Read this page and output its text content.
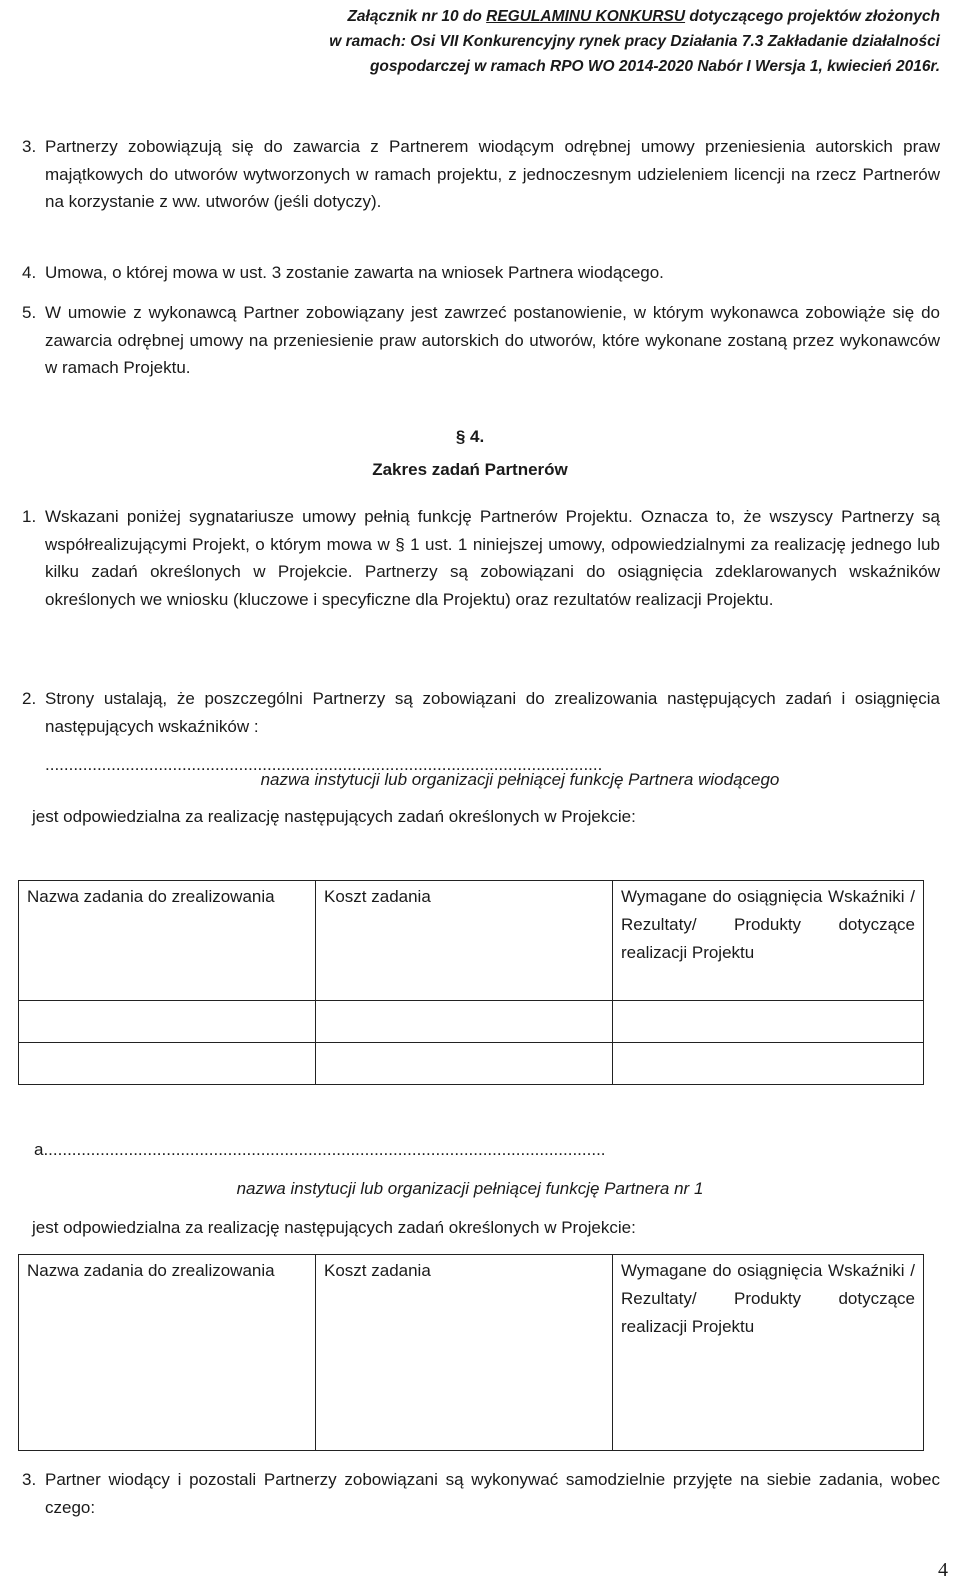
Załącznik nr 10 do REGULAMINU KONKURSU dotyczącego projektów złożonych
w ramach: Osi VII Konkurencyjny rynek pracy Działania 7.3 Zakładanie działalności
gospodarczej w ramach RPO WO 2014-2020 Nabór I Wersja 1, kwiecień 2016r.
3. Partnerzy zobowiązują się do zawarcia z Partnerem wiodącym odrębnej umowy przeniesienia autorskich praw majątkowych do utworów wytworzonych w ramach projektu, z jednoczesnym udzieleniem licencji na rzecz Partnerów na korzystanie z ww. utworów (jeśli dotyczy).
4. Umowa, o której mowa w ust. 3 zostanie zawarta na wniosek Partnera wiodącego.
5. W umowie z wykonawcą Partner zobowiązany jest zawrzeć postanowienie, w którym wykonawca zobowiąże się do zawarcia odrębnej umowy na przeniesienie praw autorskich do utworów, które wykonane zostaną przez wykonawców w ramach Projektu.
§ 4.
Zakres zadań Partnerów
1. Wskazani poniżej sygnatariusze umowy pełnią funkcję Partnerów Projektu. Oznacza to, że wszyscy Partnerzy są współrealizującymi Projekt, o którym mowa w § 1 ust. 1 niniejszej umowy, odpowiedzialnymi za realizację jednego lub kilku zadań określonych w Projekcie. Partnerzy są zobowiązani do osiągnięcia zdeklarowanych wskaźników określonych we wniosku (kluczowe i specyficzne dla Projektu) oraz rezultatów realizacji Projektu.
2. Strony ustalają, że poszczególni Partnerzy są zobowiązani do zrealizowania następujących zadań i osiągnięcia następujących wskaźników :
......................................................................................................................
nazwa instytucji lub organizacji pełniącej funkcję Partnera wiodącego
jest odpowiedzialna za realizację następujących zadań określonych w Projekcie:
Nazwa zadania do zrealizowania	Koszt zadania	Wymagane do osiągnięcia Wskaźniki / Rezultaty/ Produkty dotyczące realizacji Projektu

a.......................................................................................................................
nazwa instytucji lub organizacji pełniącej funkcję Partnera nr 1
jest odpowiedzialna za realizację następujących zadań określonych w Projekcie:
Nazwa zadania do zrealizowania	Koszt zadania	Wymagane do osiągnięcia Wskaźniki / Rezultaty/ Produkty dotyczące realizacji Projektu
3. Partner wiodący i pozostali Partnerzy zobowiązani są wykonywać samodzielnie przyjęte na siebie zadania, wobec czego:
4
